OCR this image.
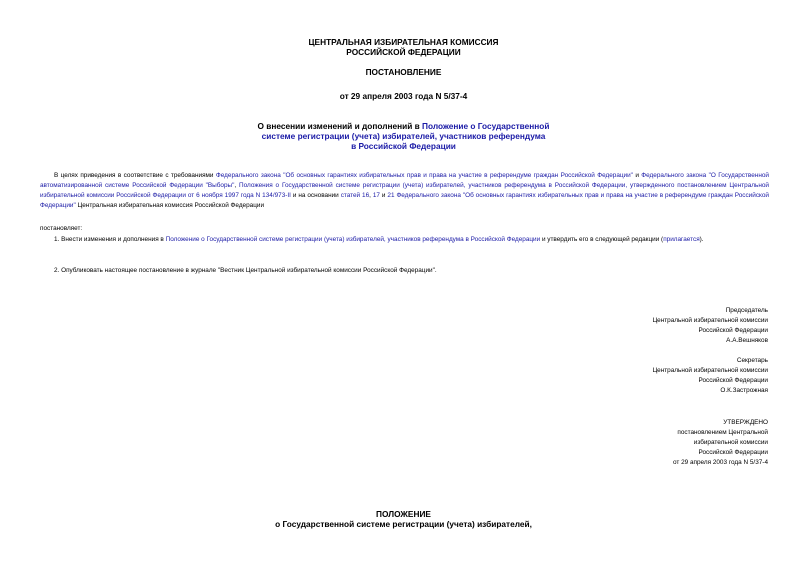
ЦЕНТРАЛЬНАЯ ИЗБИРАТЕЛЬНАЯ КОМИССИЯ
РОССИЙСКОЙ ФЕДЕРАЦИИ
ПОСТАНОВЛЕНИЕ
от 29 апреля 2003 года N 5/37-4
О внесении изменений и дополнений в Положение о Государственной
системе регистрации (учета) избирателей, участников референдума
в Российской Федерации
В целях приведения в соответствие с требованиями Федерального закона "Об основных гарантиях избирательных прав и права на участие в референдуме граждан Российской Федерации" и Федерального закона "О Государственной автоматизированной системе Российской Федерации "Выборы", Положения о Государственной системе регистрации (учета) избирателей, участников референдума в Российской Федерации, утвержденного постановлением Центральной избирательной комиссии Российской Федерации от 6 ноября 1997 года N 134/973-II и на основании статей 16, 17 и 21 Федерального закона "Об основных гарантиях избирательных прав и права на участие в референдуме граждан Российской Федерации" Центральная избирательная комиссия Российской Федерации
постановляет:
1. Внести изменения и дополнения в Положение о Государственной системе регистрации (учета) избирателей, участников референдума в Российской Федерации и утвердить его в следующей редакции (прилагается).
2. Опубликовать настоящее постановление в журнале "Вестник Центральной избирательной комиссии Российской Федерации".
Председатель
Центральной избирательной комиссии
Российской Федерации
А.А.Вешняков
Секретарь
Центральной избирательной комиссии
Российской Федерации
О.К.Застрожная
УТВЕРЖДЕНО
постановлением Центральной
избирательной комиссии
Российской Федерации
от 29 апреля 2003 года N 5/37-4
ПОЛОЖЕНИЕ
о Государственной системе регистрации (учета) избирателей,
